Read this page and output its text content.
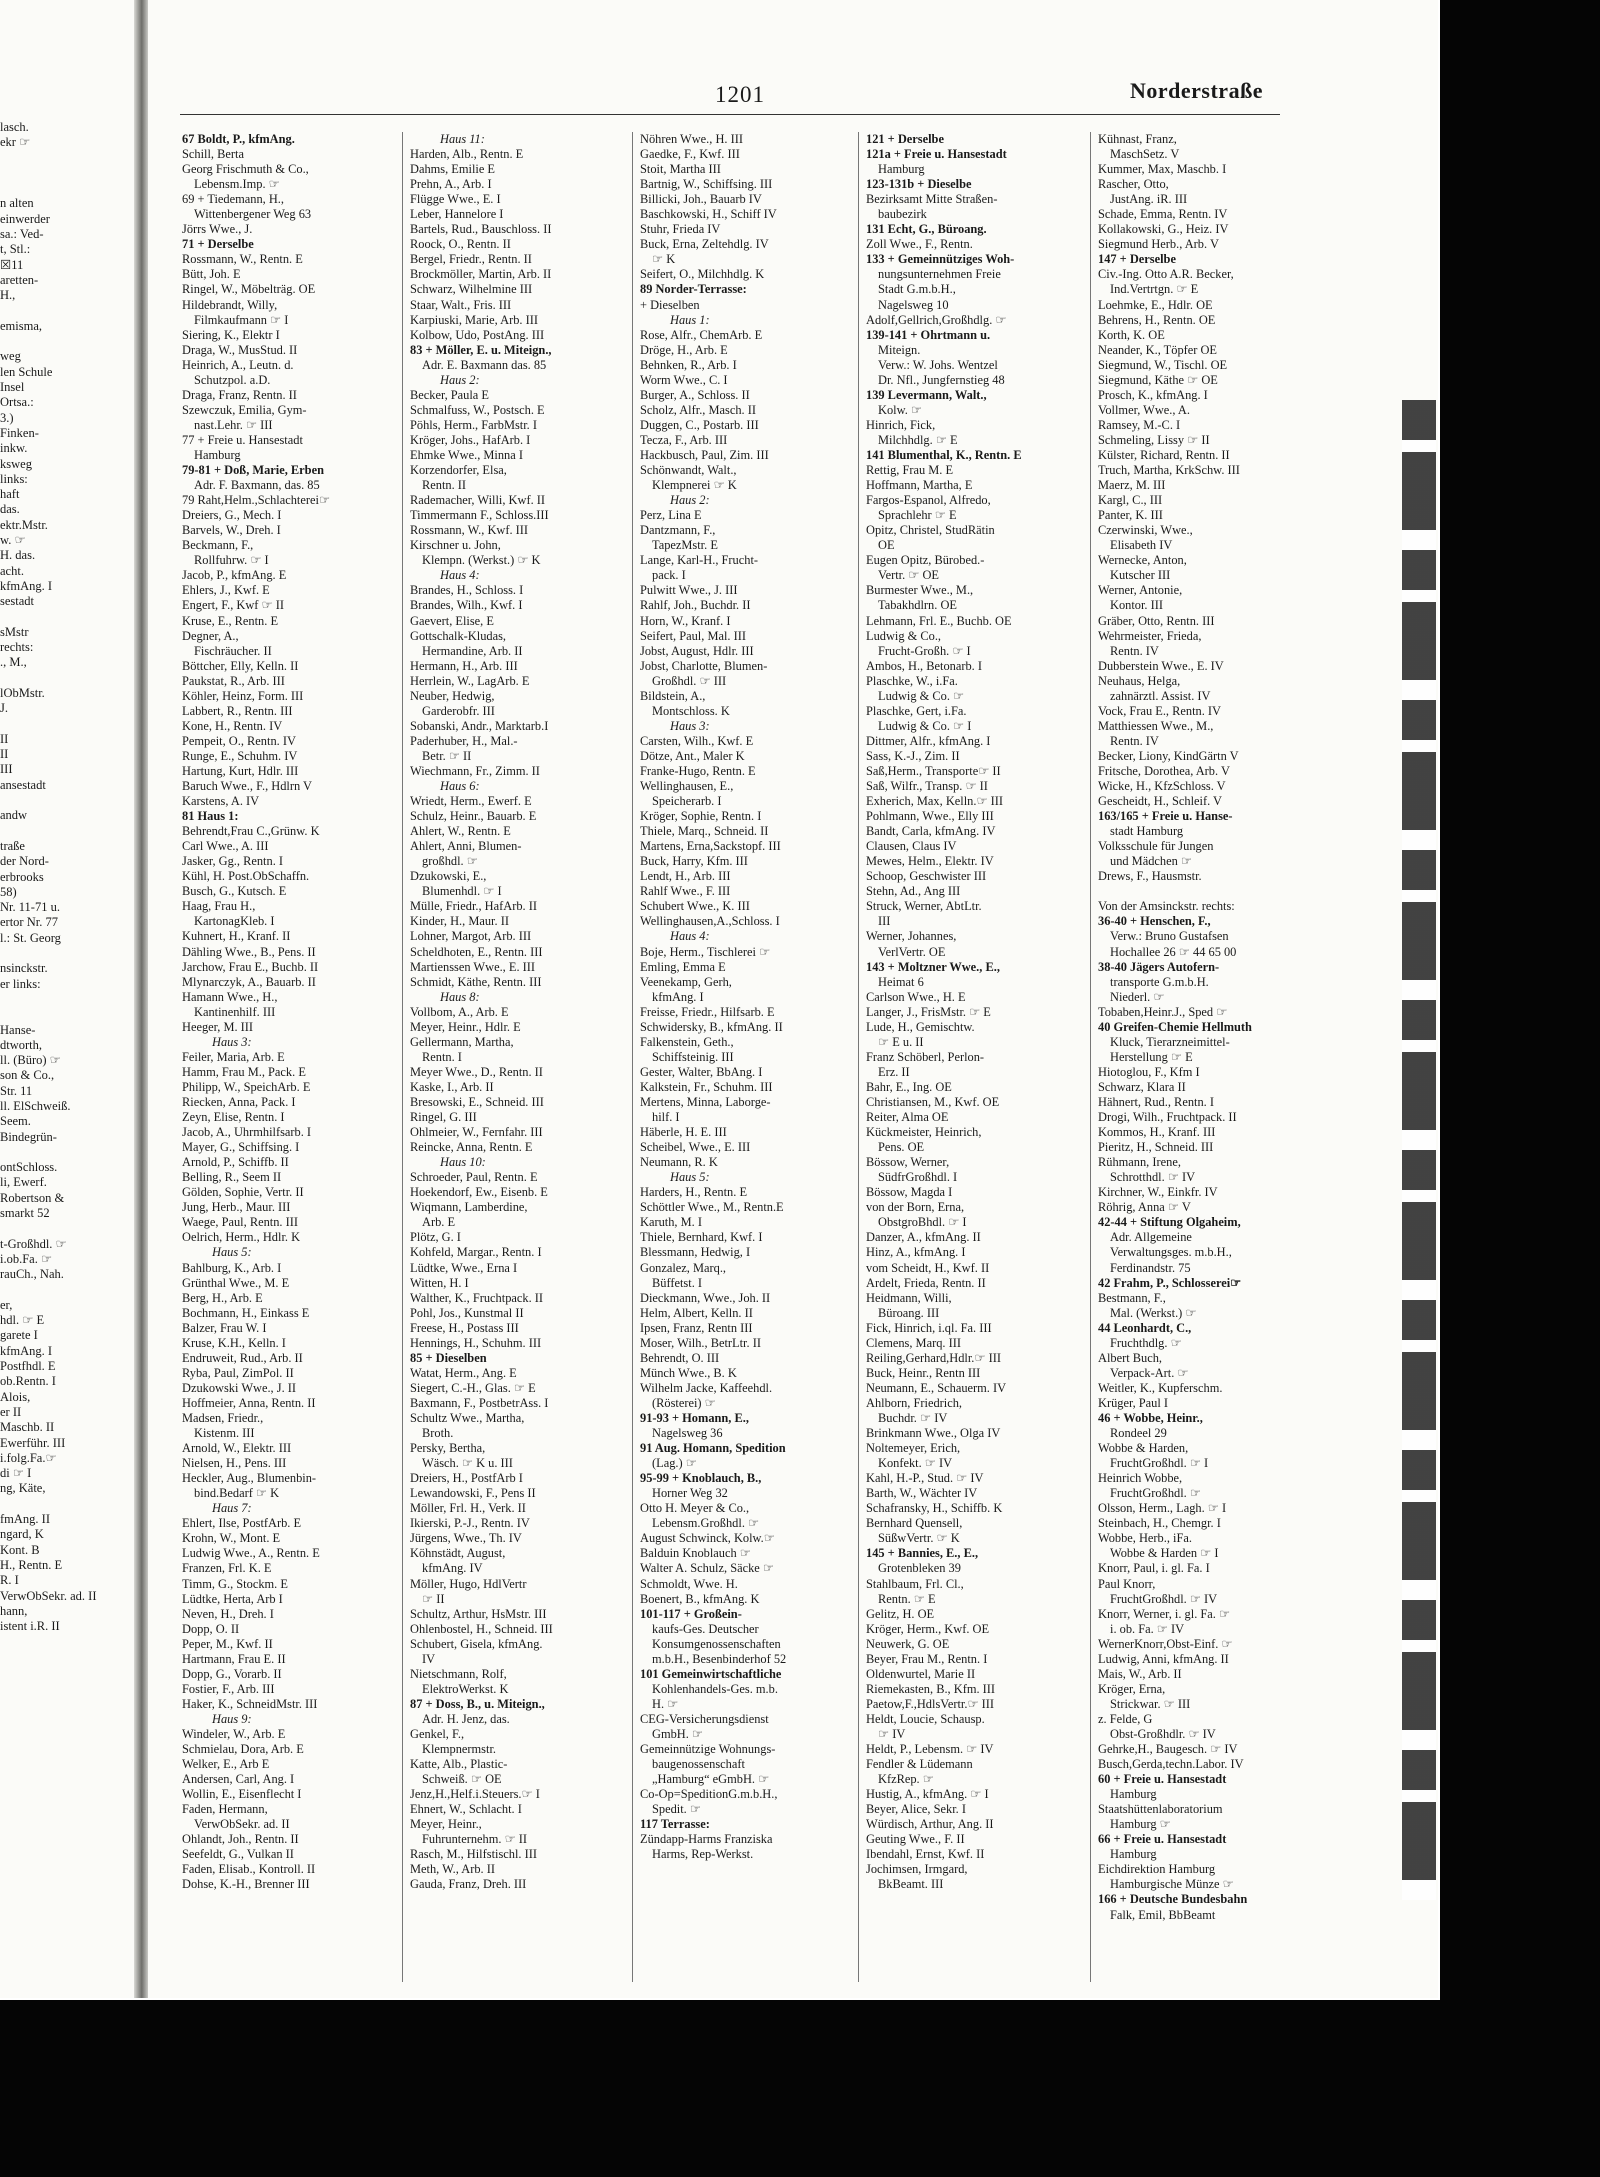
lasch.
ekr ☞

n alten
einwerder
sa.: Ved-
t, Stl.:
☒11
aretten-
H.,

emisma,

weg
len Schule
Insel
Ortsa.:
3.)
Finken-
inkw.
ksweg
links:
haft
das.
ektr.Mstr.
w. ☞
H. das.
acht.
kfmAng. I
sestadt

sMstr
rechts:
., M.,

lObMstr.
J.

II
II
III
ansestadt

andw

traße
der Nord-
erbrooks
58)
Nr. 11-71 u.
ertor Nr. 77
l.: St. Georg

nsinckstr.
er links:

Hanse-
dtworth,
ll. (Büro) ☞
son & Co.,
Str. 11
ll. ElSchweiß.
Seem.
Bindegrün-

ontSchloss.
li, Ewerf.
Robertson &
smarkt 52

t-Großhdl. ☞
i.ob.Fa. ☞
rauCh., Nah.

er,
hdl. ☞ E
garete I
kfmAng. I
Postfhdl. E
ob.Rentn. I
Alois,
er II
Maschb. II
Ewerführ. III
i.folg.Fa.☞
di ☞ I
ng, Käte,

fmAng. II
ngard, K
Kont. B
H., Rentn. E
R. I
VerwObSekr. ad. II
hann,
istent i.R. II
1201	Norderstraße
67 Boldt, P., kfmAng.
Schill, Berta
Georg Frischmuth & Co.,
Lebensm.Imp. ☞
69 + Tiedemann, H.,
Wittenbergener Weg 63
Jörrs Wwe., J.
71 + Derselbe
Rossmann, W., Rentn. E
Bütt, Joh. E
Ringel, W., Möbelträg. OE
Hildebrandt, Willy,
Filmkaufmann ☞ I
Siering, K., Elektr I
Draga, W., MusStud. II
Heinrich, A., Leutn. d.
Schutzpol. a.D.
Draga, Franz, Rentn. II
Szewczuk, Emilia, Gym-
nast.Lehr. ☞ III
77 + Freie u. Hansestadt
Hamburg
79-81 + Doß, Marie, Erben
Adr. F. Baxmann, das. 85
79 Raht,Helm.,Schlachterei☞
Dreiers, G., Mech. I
Barvels, W., Dreh. I
Beckmann, F.,
Rollfuhrw. ☞ I
Jacob, P., kfmAng. E
Ehlers, J., Kwf. E
Engert, F., Kwf ☞ II
Kruse, E., Rentn. E
Degner, A.,
Fischräucher. II
Böttcher, Elly, Kelln. II
Paukstat, R., Arb. III
Köhler, Heinz, Form. III
Labbert, R., Rentn. III
Kone, H., Rentn. IV
Pempeit, O., Rentn. IV
Runge, E., Schuhm. IV
Hartung, Kurt, Hdlr. III
Baruch Wwe., F., Hdlrn V
Karstens, A. IV
81 Haus 1:
Behrendt,Frau C.,Grünw. K
Carl Wwe., A. III
Jasker, Gg., Rentn. I
Kühl, H. Post.ObSchaffn.
Busch, G., Kutsch. E
Haag, Frau H.,
KartonagKleb. I
Kuhnert, H., Kranf. II
Dähling Wwe., B., Pens. II
Jarchow, Frau E., Buchb. II
Mlynarczyk, A., Bauarb. II
Hamann Wwe., H.,
Kantinenhilf. III
Heeger, M. III
Haus 3:
Feiler, Maria, Arb. E
Hamm, Frau M., Pack. E
Philipp, W., SpeichArb. E
Riecken, Anna, Pack. I
Zeyn, Elise, Rentn. I
Jacob, A., Uhrmhilfsarb. I
Mayer, G., Schiffsing. I
Arnold, P., Schiffb. II
Belling, R., Seem II
Gölden, Sophie, Vertr. II
Jung, Herb., Maur. III
Waege, Paul, Rentn. III
Oelrich, Herm., Hdlr. K
Haus 5:
Bahlburg, K., Arb. I
Grünthal Wwe., M. E
Berg, H., Arb. E
Bochmann, H., Einkass E
Balzer, Frau W. I
Kruse, K.H., Kelln. I
Endruweit, Rud., Arb. II
Ryba, Paul, ZimPol. II
Dzukowski Wwe., J. II
Hoffmeier, Anna, Rentn. II
Madsen, Friedr.,
Kistenm. III
Arnold, W., Elektr. III
Nielsen, H., Pens. III
Heckler, Aug., Blumenbin-
bind.Bedarf ☞ K
Haus 7:
Ehlert, Ilse, PostfArb. E
Krohn, W., Mont. E
Ludwig Wwe., A., Rentn. E
Franzen, Frl. K. E
Timm, G., Stockm. E
Lüdtke, Herta, Arb I
Neven, H., Dreh. I
Dopp, O. II
Peper, M., Kwf. II
Hartmann, Frau E. II
Dopp, G., Vorarb. II
Fostier, F., Arb. III
Haker, K., SchneidMstr. III
Haus 9:
Windeler, W., Arb. E
Schmielau, Dora, Arb. E
Welker, E., Arb E
Andersen, Carl, Ang. I
Wollin, E., Eisenflecht I
Faden, Hermann,
VerwObSekr. ad. II
Ohlandt, Joh., Rentn. II
Seefeldt, G., Vulkan II
Faden, Elisab., Kontroll. II
Dohse, K.-H., Brenner III
Haus 11:
Harden, Alb., Rentn. E
Dahms, Emilie E
Prehn, A., Arb. I
Flügge Wwe., E. I
Leber, Hannelore I
Bartels, Rud., Bauschloss. II
Roock, O., Rentn. II
Bergel, Friedr., Rentn. II
Brockmöller, Martin, Arb. II
Schwarz, Wilhelmine III
Staar, Walt., Fris. III
Karpiuski, Marie, Arb. III
Kolbow, Udo, PostAng. III
83 + Möller, E. u. Miteign.,
Adr. E. Baxmann das. 85
Haus 2:
Becker, Paula E
Schmalfuss, W., Postsch. E
Pöhls, Herm., FarbMstr. I
Kröger, Johs., HafArb. I
Ehmke Wwe., Minna I
Korzendorfer, Elsa,
Rentn. II
Rademacher, Willi, Kwf. II
Timmermann F., Schloss.III
Rossmann, W., Kwf. III
Kirschner u. John,
Klempn. (Werkst.) ☞ K
Haus 4:
Brandes, H., Schloss. I
Brandes, Wilh., Kwf. I
Gaevert, Elise, E
Gottschalk-Kludas,
Hermandine, Arb. II
Hermann, H., Arb. III
Herrlein, W., LagArb. E
Neuber, Hedwig,
Garderobfr. III
Sobanski, Andr., Marktarb.I
Paderhuber, H., Mal.-
Betr. ☞ II
Wiechmann, Fr., Zimm. II
Haus 6:
Wriedt, Herm., Ewerf. E
Schulz, Heinr., Bauarb. E
Ahlert, W., Rentn. E
Ahlert, Anni, Blumen-
großhdl. ☞
Dzukowski, E.,
Blumenhdl. ☞ I
Mülle, Friedr., HafArb. II
Kinder, H., Maur. II
Lohner, Margot, Arb. III
Scheldhoten, E., Rentn. III
Martienssen Wwe., E. III
Schmidt, Käthe, Rentn. III
Haus 8:
Vollbom, A., Arb. E
Meyer, Heinr., Hdlr. E
Gellermann, Martha,
Rentn. I
Meyer Wwe., D., Rentn. II
Kaske, I., Arb. II
Bresowski, E., Schneid. III
Ringel, G. III
Ohlmeier, W., Fernfahr. III
Reincke, Anna, Rentn. E
Haus 10:
Schroeder, Paul, Rentn. E
Hoekendorf, Ew., Eisenb. E
Wiqmann, Lamberdine,
Arb. E
Plötz, G. I
Kohfeld, Margar., Rentn. I
Lüdtke, Wwe., Erna I
Witten, H. I
Walther, K., Fruchtpack. II
Pohl, Jos., Kunstmal II
Freese, H., Postass III
Hennings, H., Schuhm. III
85 + Dieselben
Watat, Herm., Ang. E
Siegert, C.-H., Glas. ☞ E
Baxmann, F., PostbetrAss. I
Schultz Wwe., Martha,
Broth.
Persky, Bertha,
Wäsch. ☞ K u. III
Dreiers, H., PostfArb I
Lewandowski, F., Pens II
Möller, Frl. H., Verk. II
Ikierski, P.-J., Rentn. IV
Jürgens, Wwe., Th. IV
Köhnstädt, August,
kfmAng. IV
Möller, Hugo, HdlVertr
☞ II
Schultz, Arthur, HsMstr. III
Ohlenbostel, H., Schneid. III
Schubert, Gisela, kfmAng.
IV
Nietschmann, Rolf,
ElektroWerkst. K
87 + Doss, B., u. Miteign.,
Adr. H. Jenz, das.
Genkel, F.,
Klempnermstr.
Katte, Alb., Plastic-
Schweiß. ☞ OE
Jenz,H.,Helf.i.Steuers.☞ I
Ehnert, W., Schlacht. I
Meyer, Heinr.,
Fuhrunternehm. ☞ II
Rasch, M., Hilfstischl. III
Meth, W., Arb. II
Gauda, Franz, Dreh. III
Nöhren Wwe., H. III
Gaedke, F., Kwf. III
Stoit, Martha III
Bartnig, W., Schiffsing. III
Billicki, Joh., Bauarb IV
Baschkowski, H., Schiff IV
Stuhr, Frieda IV
Buck, Erna, Zeltehdlg. IV
☞ K
Seifert, O., Milchhdlg. K
89 Norder-Terrasse:
+ Dieselben
Haus 1:
Rose, Alfr., ChemArb. E
Dröge, H., Arb. E
Behnken, R., Arb. I
Worm Wwe., C. I
Burger, A., Schloss. II
Scholz, Alfr., Masch. II
Duggen, C., Postarb. III
Tecza, F., Arb. III
Hackbusch, Paul, Zim. III
Schönwandt, Walt.,
Klempnerei ☞ K
Haus 2:
Perz, Lina E
Dantzmann, F.,
TapezMstr. E
Lange, Karl-H., Frucht-
pack. I
Pulwitt Wwe., J. III
Rahlf, Joh., Buchdr. II
Horn, W., Kranf. I
Seifert, Paul, Mal. III
Jobst, August, Hdlr. III
Jobst, Charlotte, Blumen-
Großhdl. ☞ III
Bildstein, A.,
Montschloss. K
Haus 3:
Carsten, Wilh., Kwf. E
Dötze, Ant., Maler K
Franke-Hugo, Rentn. E
Wellinghausen, E.,
Speicherarb. I
Kröger, Sophie, Rentn. I
Thiele, Marq., Schneid. II
Martens, Erna,Sackstopf. III
Buck, Harry, Kfm. III
Lendt, H., Arb. III
Rahlf Wwe., F. III
Schubert Wwe., K. III
Wellinghausen,A.,Schloss. I
Haus 4:
Boje, Herm., Tischlerei ☞
Emling, Emma E
Veenekamp, Gerh,
kfmAng. I
Freisse, Friedr., Hilfsarb. E
Schwidersky, B., kfmAng. II
Falkenstein, Geth.,
Schiffsteinig. III
Gester, Walter, BbAng. I
Kalkstein, Fr., Schuhm. III
Mertens, Minna, Laborge-
hilf. I
Häberle, H. E. III
Scheibel, Wwe., E. III
Neumann, R. K
Haus 5:
Harders, H., Rentn. E
Schöttler Wwe., M., Rentn.E
Karuth, M. I
Thiele, Bernhard, Kwf. I
Blessmann, Hedwig, I
Gonzalez, Marq.,
Büffetst. I
Dieckmann, Wwe., Joh. II
Helm, Albert, Kelln. II
Ipsen, Franz, Rentn III
Moser, Wilh., BetrLtr. II
Behrendt, O. III
Münch Wwe., B. K
Wilhelm Jacke, Kaffeehdl.
(Rösterei) ☞
91-93 + Homann, E.,
Nagelsweg 36
91 Aug. Homann, Spedition
(Lag.) ☞
95-99 + Knoblauch, B.,
Horner Weg 32
Otto H. Meyer & Co.,
Lebensm.Großhdl. ☞
August Schwinck, Kolw.☞
Balduin Knoblauch ☞
Walter A. Schulz, Säcke ☞
Schmoldt, Wwe. H.
Boenert, B., kfmAng. K
101-117 + Großein-
kaufs-Ges. Deutscher
Konsumgenossenschaften
m.b.H., Besenbinderhof 52
101 Gemeinwirtschaftliche
Kohlenhandels-Ges. m.b.
H. ☞
CEG-Versicherungsdienst
GmbH. ☞
Gemeinnützige Wohnungs-
baugenossenschaft
„Hamburg“ eGmbH. ☞
Co-Op=SpeditionG.m.b.H.,
Spedit. ☞
117 Terrasse:
Zündapp-Harms Franziska
Harms, Rep-Werkst.
121 + Derselbe
121a + Freie u. Hansestadt
Hamburg
123-131b + Dieselbe
Bezirksamt Mitte Straßen-
baubezirk
131 Echt, G., Büroang.
Zoll Wwe., F., Rentn.
133 + Gemeinnütziges Woh-
nungsunternehmen Freie
Stadt G.m.b.H.,
Nagelsweg 10
Adolf,Gellrich,Großhdlg. ☞
139-141 + Ohrtmann u.
Miteign.
Verw.: W. Johs. Wentzel
Dr. Nfl., Jungfernstieg 48
139 Levermann, Walt.,
Kolw. ☞
Hinrich, Fick,
Milchhdlg. ☞ E
141 Blumenthal, K., Rentn. E
Rettig, Frau M. E
Hoffmann, Martha, E
Fargos-Espanol, Alfredo,
Sprachlehr ☞ E
Opitz, Christel, StudRätin
OE
Eugen Opitz, Bürobed.-
Vertr. ☞ OE
Burmester Wwe., M.,
Tabakhdlrn. OE
Lehmann, Frl. E., Buchb. OE
Ludwig & Co.,
Frucht-Großh. ☞ I
Ambos, H., Betonarb. I
Plaschke, W., i.Fa.
Ludwig & Co. ☞
Plaschke, Gert, i.Fa.
Ludwig & Co. ☞ I
Dittmer, Alfr., kfmAng. I
Sass, K.-J., Zim. II
Saß,Herm., Transporte☞ II
Saß, Wilfr., Transp. ☞ II
Exherich, Max, Kelln.☞ III
Pohlmann, Wwe., Elly III
Bandt, Carla, kfmAng. IV
Clausen, Claus IV
Mewes, Helm., Elektr. IV
Schoop, Geschwister III
Stehn, Ad., Ang III
Struck, Werner, AbtLtr.
III
Werner, Johannes,
VerlVertr. OE
143 + Moltzner Wwe., E.,
Heimat 6
Carlson Wwe., H. E
Langer, J., FrisMstr. ☞ E
Lude, H., Gemischtw.
☞ E u. II
Franz Schöberl, Perlon-
Erz. II
Bahr, E., Ing. OE
Christiansen, M., Kwf. OE
Reiter, Alma OE
Kückmeister, Heinrich,
Pens. OE
Bössow, Werner,
SüdfrGroßhdl. I
Bössow, Magda I
von der Born, Erna,
ObstgroBhdl. ☞ I
Danzer, A., kfmAng. II
Hinz, A., kfmAng. I
vom Scheidt, H., Kwf. II
Ardelt, Frieda, Rentn. II
Heidmann, Willi,
Büroang. III
Fick, Hinrich, i.ql. Fa. III
Clemens, Marq. III
Reiling,Gerhard,Hdlr.☞ III
Buck, Heinr., Rentn III
Neumann, E., Schauerm. IV
Ahlborn, Friedrich,
Buchdr. ☞ IV
Brinkmann Wwe., Olga IV
Noltemeyer, Erich,
Konfekt. ☞ IV
Kahl, H.-P., Stud. ☞ IV
Barth, W., Wächter IV
Schafransky, H., Schiffb. K
Bernhard Quensell,
SüßwVertr. ☞ K
145 + Bannies, E., E.,
Grotenbleken 39
Stahlbaum, Frl. Cl.,
Rentn. ☞ E
Gelitz, H. OE
Kröger, Herm., Kwf. OE
Neuwerk, G. OE
Beyer, Frau M., Rentn. I
Oldenwurtel, Marie II
Riemekasten, B., Kfm. III
Paetow,F.,HdlsVertr.☞ III
Heldt, Loucie, Schausp.
☞ IV
Heldt, P., Lebensm. ☞ IV
Fendler & Lüdemann
KfzRep. ☞
Hustig, A., kfmAng. ☞ I
Beyer, Alice, Sekr. I
Würdisch, Arthur, Ang. II
Geuting Wwe., F. II
Ibendahl, Ernst, Kwf. II
Jochimsen, Irmgard,
BkBeamt. III
Kühnast, Franz,
MaschSetz. V
Kummer, Max, Maschb. I
Rascher, Otto,
JustAng. iR. III
Schade, Emma, Rentn. IV
Kollakowski, G., Heiz. IV
Siegmund Herb., Arb. V
147 + Derselbe
Civ.-Ing. Otto A.R. Becker,
Ind.Vertrtgn. ☞ E
Loehmke, E., Hdlr. OE
Behrens, H., Rentn. OE
Korth, K. OE
Neander, K., Töpfer OE
Siegmund, W., Tischl. OE
Siegmund, Käthe ☞ OE
Prosch, K., kfmAng. I
Vollmer, Wwe., A.
Ramsey, M.-C. I
Schmeling, Lissy ☞ II
Külster, Richard, Rentn. II
Truch, Martha, KrkSchw. III
Maerz, M. III
Kargl, C., III
Panter, K. III
Czerwinski, Wwe.,
Elisabeth IV
Wernecke, Anton,
Kutscher III
Werner, Antonie,
Kontor. III
Gräber, Otto, Rentn. III
Wehrmeister, Frieda,
Rentn. IV
Dubberstein Wwe., E. IV
Neuhaus, Helga,
zahnärztl. Assist. IV
Vock, Frau E., Rentn. IV
Matthiessen Wwe., M.,
Rentn. IV
Becker, Liony, KindGärtn V
Fritsche, Dorothea, Arb. V
Wicke, H., KfzSchloss. V
Gescheidt, H., Schleif. V
163/165 + Freie u. Hanse-
stadt Hamburg
Volksschule für Jungen
und Mädchen ☞
Drews, F., Hausmstr.

Von der Amsinckstr. rechts:
36-40 + Henschen, F.,
Verw.: Bruno Gustafsen
Hochallee 26 ☞ 44 65 00
38-40 Jägers Autofern-
transporte G.m.b.H.
Niederl. ☞
Tobaben,Heinr.J., Sped ☞
40 Greifen-Chemie Hellmuth
Kluck, Tierarzneimittel-
Herstellung ☞ E
Hiotoglou, F., Kfm I
Schwarz, Klara II
Hähnert, Rud., Rentn. I
Drogi, Wilh., Fruchtpack. II
Kommos, H., Kranf. III
Pieritz, H., Schneid. III
Rühmann, Irene,
Schrotthdl. ☞ IV
Kirchner, W., Einkfr. IV
Röhrig, Anna ☞ V
42-44 + Stiftung Olgaheim,
Adr. Allgemeine
Verwaltungsges. m.b.H.,
Ferdinandstr. 75
42 Frahm, P., Schlosserei☞
Bestmann, F.,
Mal. (Werkst.) ☞
44 Leonhardt, C.,
Fruchthdlg. ☞
Albert Buch,
Verpack-Art. ☞
Weitler, K., Kupferschm.
Krüger, Paul I
46 + Wobbe, Heinr.,
Rondeel 29
Wobbe & Harden,
FruchtGroßhdl. ☞ I
Heinrich Wobbe,
FruchtGroßhdl. ☞
Olsson, Herm., Lagh. ☞ I
Steinbach, H., Chemgr. I
Wobbe, Herb., iFa.
Wobbe & Harden ☞ I
Knorr, Paul, i. gl. Fa. I
Paul Knorr,
FruchtGroßhdl. ☞ IV
Knorr, Werner, i. gl. Fa. ☞
i. ob. Fa. ☞ IV
WernerKnorr,Obst-Einf. ☞
Ludwig, Anni, kfmAng. II
Mais, W., Arb. II
Kröger, Erna,
Strickwar. ☞ III
z. Felde, G
Obst-Großhdlr. ☞ IV
Gehrke,H., Baugesch. ☞ IV
Busch,Gerda,techn.Labor. IV
60 + Freie u. Hansestadt
Hamburg
Staatshüttenlaboratorium
Hamburg ☞
66 + Freie u. Hansestadt
Hamburg
Eichdirektion Hamburg
Hamburgische Münze ☞
166 + Deutsche Bundesbahn
Falk, Emil, BbBeamt
